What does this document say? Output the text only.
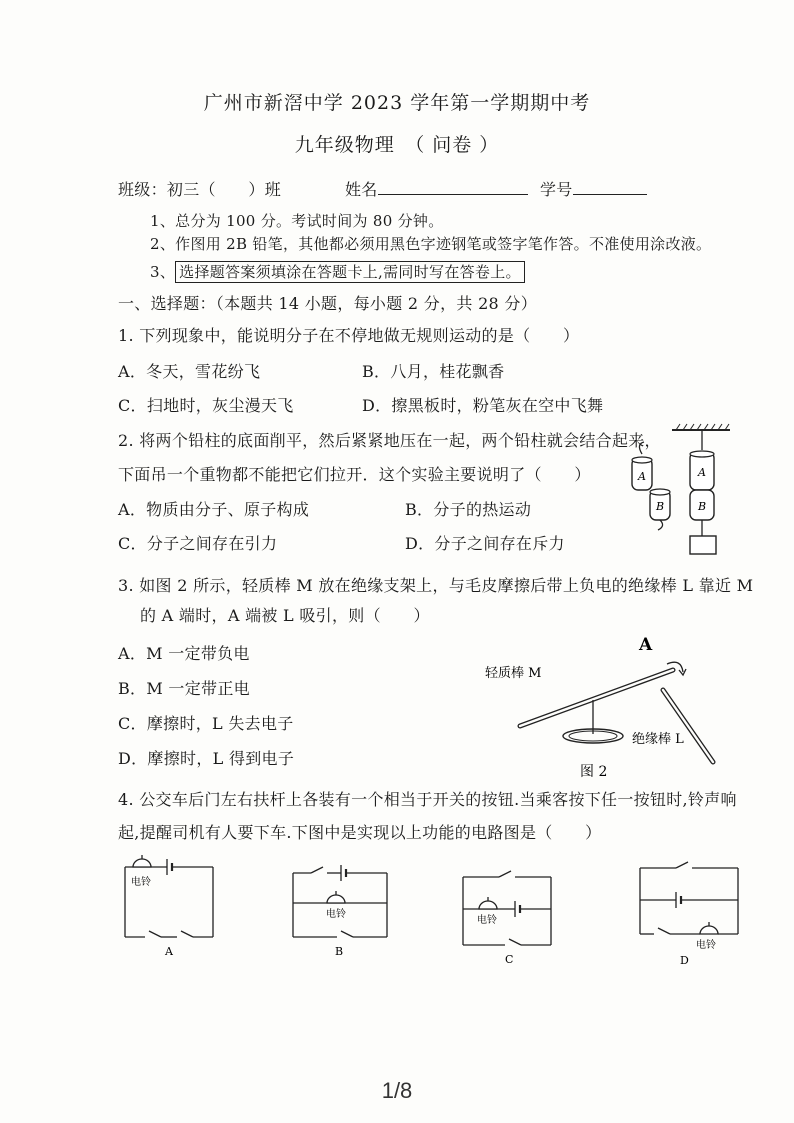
广州市新滘中学 2023 学年第一学期期中考
九年级物理　（ 问卷 ）
班级：初三（　　）班	姓名	学号
1、总分为 100 分。考试时间为 80 分钟。
2、作图用 2B 铅笔，其他都必须用黑色字迹钢笔或签字笔作答。不准使用涂改液。
3、 选择题答案须填涂在答题卡上,需同时写在答卷上。
一、选择题：（本题共 14 小题，每小题 2 分，共 28 分）
1. 下列现象中，能说明分子在不停地做无规则运动的是（　　）
A．冬天，雪花纷飞	B．八月，桂花飘香
C．扫地时，灰尘漫天飞	D．擦黑板时，粉笔灰在空中飞舞
2. 将两个铅柱的底面削平，然后紧紧地压在一起，两个铅柱就会结合起来，
下面吊一个重物都不能把它们拉开．这个实验主要说明了（　　）
A．物质由分子、原子构成	B．分子的热运动
C．分子之间存在引力	D．分子之间存在斥力
A
B
A
B
3. 如图 2 所示，轻质棒 M 放在绝缘支架上，与毛皮摩擦后带上负电的绝缘棒 L 靠近 M
的 A 端时，A 端被 L 吸引，则（　　）
A．M 一定带负电
B．M 一定带正电
C．摩擦时，L 失去电子
D．摩擦时，L 得到电子
A
轻质棒 M
绝缘棒 L
图 2
4. 公交车后门左右扶杆上各装有一个相当于开关的按钮.当乘客按下任一按钮时,铃声响
起,提醒司机有人要下车.下图中是实现以上功能的电路图是（　　）
电铃
A
电铃
B
电铃
C
电铃
D
1/8
